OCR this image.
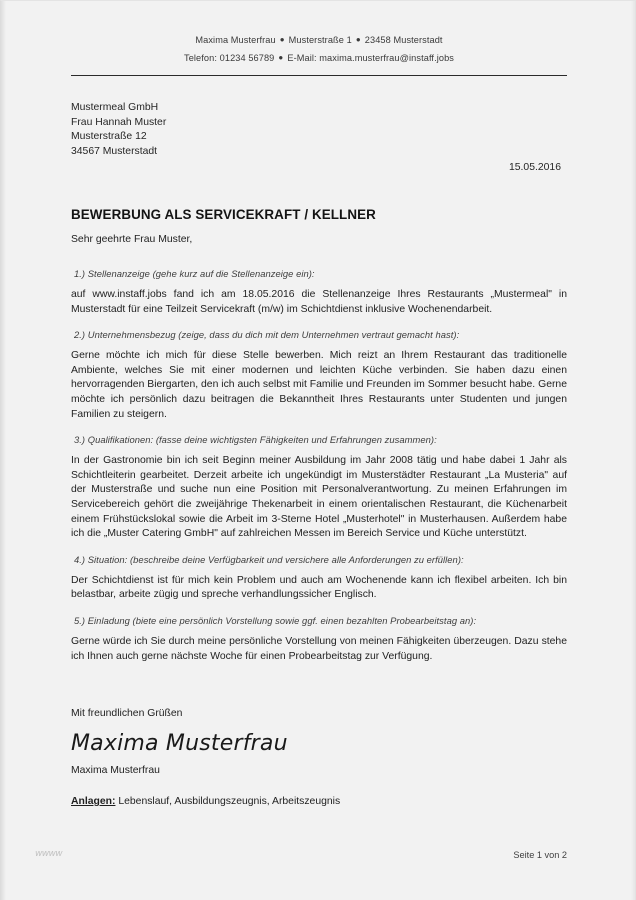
Maxima Musterfrau ● Musterstraße 1 ● 23458 Musterstadt
Telefon: 01234 56789 ● E-Mail: maxima.musterfrau@instaff.jobs
Mustermeal GmbH
Frau Hannah Muster
Musterstraße 12
34567 Musterstadt
15.05.2016
BEWERBUNG ALS SERVICEKRAFT / KELLNER
Sehr geehrte Frau Muster,
1.) Stellenanzeige (gehe kurz auf die Stellenanzeige ein):
auf www.instaff.jobs fand ich am 18.05.2016 die Stellenanzeige Ihres Restaurants „Mustermeal" in Musterstadt für eine Teilzeit Servicekraft (m/w) im Schichtdienst inklusive Wochenendarbeit.
2.) Unternehmensbezug (zeige, dass du dich mit dem Unternehmen vertraut gemacht hast):
Gerne möchte ich mich für diese Stelle bewerben. Mich reizt an Ihrem Restaurant das traditionelle Ambiente, welches Sie mit einer modernen und leichten Küche verbinden. Sie haben dazu einen hervorragenden Biergarten, den ich auch selbst mit Familie und Freunden im Sommer besucht habe. Gerne möchte ich persönlich dazu beitragen die Bekanntheit Ihres Restaurants unter Studenten und jungen Familien zu steigern.
3.) Qualifikationen: (fasse deine wichtigsten Fähigkeiten und Erfahrungen zusammen):
In der Gastronomie bin ich seit Beginn meiner Ausbildung im Jahr 2008 tätig und habe dabei 1 Jahr als Schichtleiterin gearbeitet. Derzeit arbeite ich ungekündigt im Musterstädter Restaurant „La Musteria" auf der Musterstraße und suche nun eine Position mit Personalverantwortung. Zu meinen Erfahrungen im Servicebereich gehört die zweijährige Thekenarbeit in einem orientalischen Restaurant, die Küchenarbeit einem Frühstückslokal sowie die Arbeit im 3-Sterne Hotel „Musterhotel" in Musterhausen. Außerdem habe ich die „Muster Catering GmbH" auf zahlreichen Messen im Bereich Service und Küche unterstützt.
4.) Situation: (beschreibe deine Verfügbarkeit und versichere alle Anforderungen zu erfüllen):
Der Schichtdienst ist für mich kein Problem und auch am Wochenende kann ich flexibel arbeiten. Ich bin belastbar, arbeite zügig und spreche verhandlungssicher Englisch.
5.) Einladung (biete eine persönlich Vorstellung sowie ggf. einen bezahlten Probearbeitstag an):
Gerne würde ich Sie durch meine persönliche Vorstellung von meinen Fähigkeiten überzeugen. Dazu stehe ich Ihnen auch gerne nächste Woche für einen Probearbeitstag zur Verfügung.
Mit freundlichen Grüßen
Maxima Musterfrau
Maxima Musterfrau
Anlagen: Lebenslauf, Ausbildungszeugnis, Arbeitszeugnis
Seite 1 von 2
wwww
